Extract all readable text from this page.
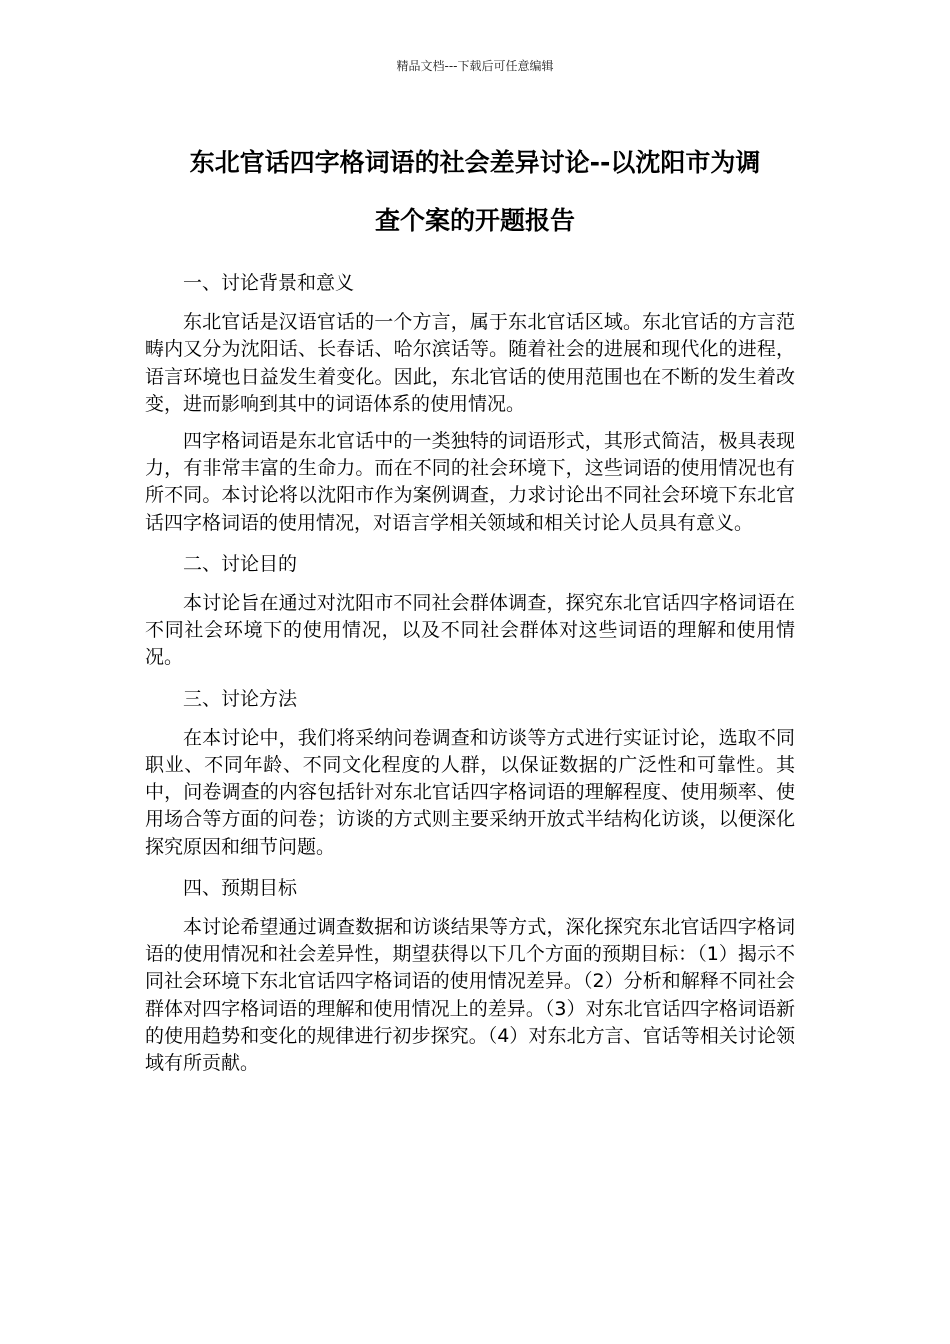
精品文档---下载后可任意编辑
东北官话四字格词语的社会差异讨论--以沈阳市为调
查个案的开题报告

一、讨论背景和意义

东北官话是汉语官话的一个方言，属于东北官话区域。东北官话的方言范畴内又分为沈阳话、长春话、哈尔滨话等。随着社会的进展和现代化的进程，语言环境也日益发生着变化。因此，东北官话的使用范围也在不断的发生着改变，进而影响到其中的词语体系的使用情况。

四字格词语是东北官话中的一类独特的词语形式，其形式简洁，极具表现力，有非常丰富的生命力。而在不同的社会环境下，这些词语的使用情况也有所不同。本讨论将以沈阳市作为案例调查，力求讨论出不同社会环境下东北官话四字格词语的使用情况，对语言学相关领域和相关讨论人员具有意义。

二、讨论目的

本讨论旨在通过对沈阳市不同社会群体调查，探究东北官话四字格词语在不同社会环境下的使用情况，以及不同社会群体对这些词语的理解和使用情况。

三、讨论方法

在本讨论中，我们将采纳问卷调查和访谈等方式进行实证讨论，选取不同职业、不同年龄、不同文化程度的人群，以保证数据的广泛性和可靠性。其中，问卷调查的内容包括针对东北官话四字格词语的理解程度、使用频率、使用场合等方面的问卷；访谈的方式则主要采纳开放式半结构化访谈，以便深化探究原因和细节问题。

四、预期目标

本讨论希望通过调查数据和访谈结果等方式，深化探究东北官话四字格词语的使用情况和社会差异性，期望获得以下几个方面的预期目标：（1）揭示不同社会环境下东北官话四字格词语的使用情况差异。（2）分析和解释不同社会群体对四字格词语的理解和使用情况上的差异。（3）对东北官话四字格词语新的使用趋势和变化的规律进行初步探究。（4）对东北方言、官话等相关讨论领域有所贡献。
